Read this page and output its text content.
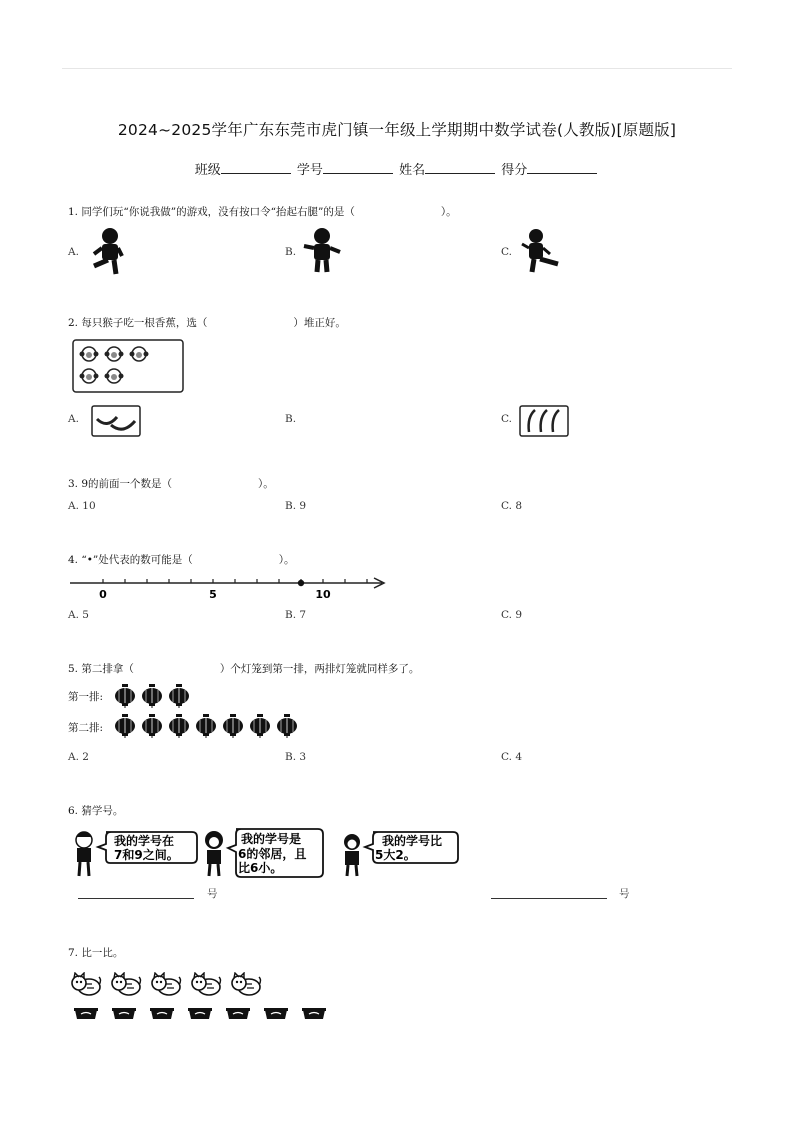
2024~2025学年广东东莞市虎门镇一年级上学期期中数学试卷(人教版)[原题版]
班级	学号	姓名	得分
1. 同学们玩“你说我做”的游戏，没有按口令“抬起右腿”的是（	）。
A.	B.	C.
2. 每只猴子吃一根香蕉，选（	）堆正好。
A.	B.	C.
3. 9的前面一个数是（	）。
A. 10	B. 9	C. 8
4. “•”处代表的数可能是（	）。
0	5	10
A. 5	B. 7	C. 9
5. 第二排拿（	）个灯笼到第一排，两排灯笼就同样多了。
第一排:
第二排:
A. 2	B. 3	C. 4
6. 猜学号。
我的学号在
7和9之间。
我的学号是
6的邻居，且
比6小。
我的学号比
5大2。
号	号
7. 比一比。
